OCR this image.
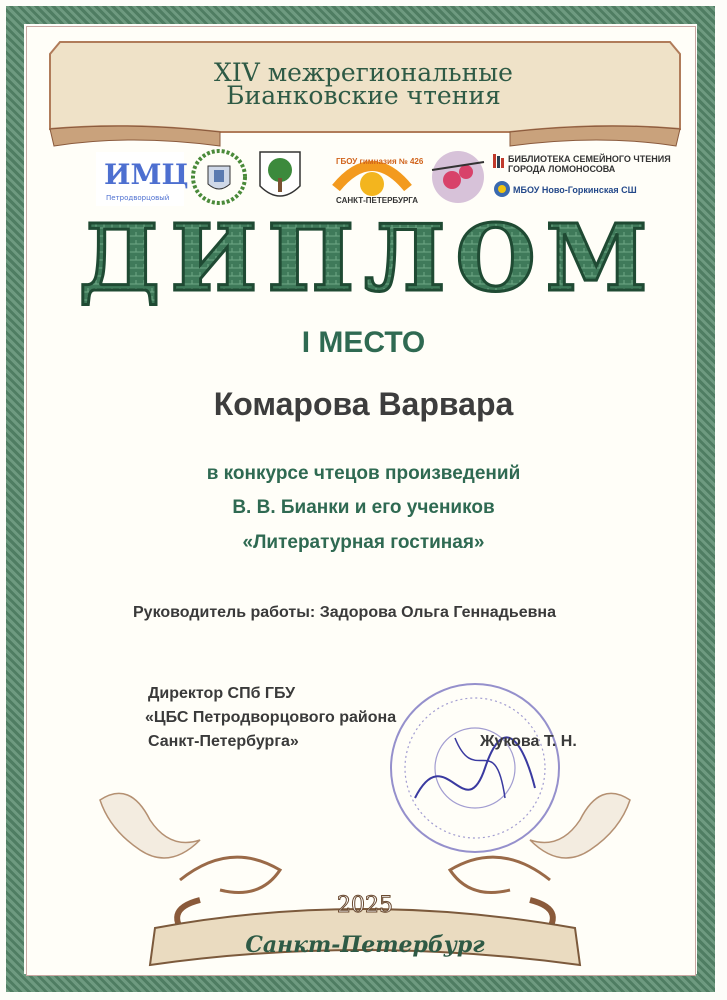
XIV межрегиональные
Бианковские чтения
ИМЦ
Петродворцовый
ГБОУ гимназия № 426
САНКТ-ПЕТЕРБУРГА
БИБЛИОТЕКА СЕМЕЙНОГО ЧТЕНИЯ
ГОРОДА ЛОМОНОСОВА
МБОУ Ново-Горкинская СШ
ДИПЛОМ
I МЕСТО
Комарова Варвара
в конкурсе чтецов произведений
В. В. Бианки и его учеников
«Литературная гостиная»
Руководитель работы: Задорова Ольга Геннадьевна
Директор СПб ГБУ
«ЦБС Петродворцового района
Санкт-Петербурга»	Жукова Т. Н.
2025
Санкт-Петербург
